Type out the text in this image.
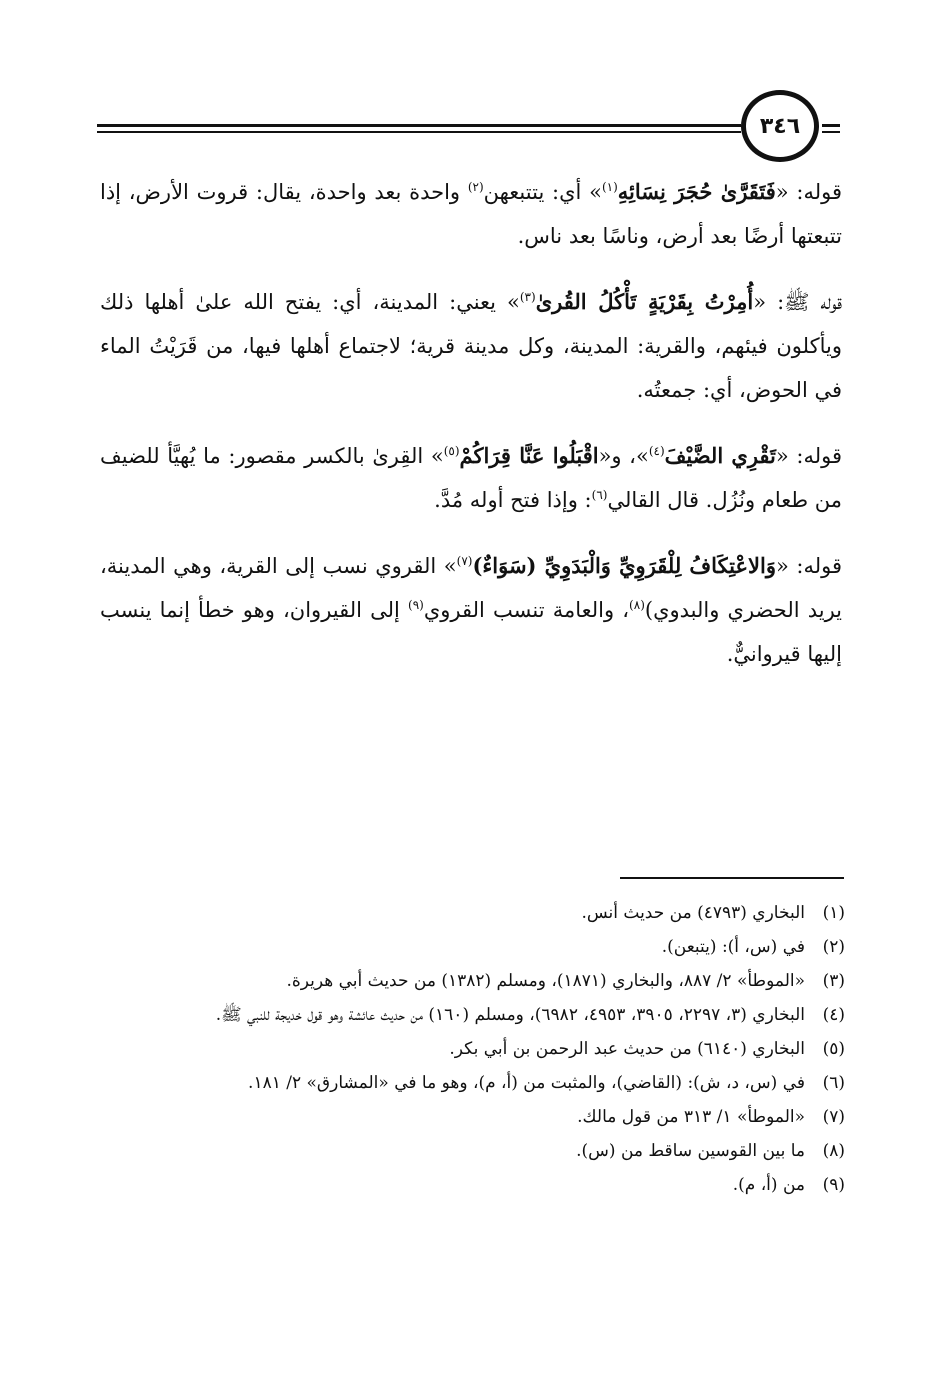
٣٤٦

قوله: «فَتَقَرَّىٰ حُجَرَ نِسَائِهِ$^{(١)}$» أي: يتتبعهن$^{(٢)}$ واحدة بعد واحدة، يقال: قروت الأرض، إذا تتبعتها أرضًا بعد أرض، وناسًا بعد ناس.

قوله ﷺ: «أُمِرْتُ بِقَرْيَةٍ تَأْكُلُ القُرىٰ$^{(٣)}$» يعني: المدينة، أي: يفتح الله علىٰ أهلها ذلك ويأكلون فيئهم، والقرية: المدينة، وكل مدينة قرية؛ لاجتماع أهلها فيها، من قَرَيْتُ الماء في الحوض، أي: جمعتُه.

قوله: «تَقْرِي الضَّيْفَ$^{(٤)}$»، و«اقْبَلُوا عَنَّا قِرَاكُمْ$^{(٥)}$» القِرىٰ بالكسر مقصور: ما يُهيَّأ للضيف من طعام ونُزُل. قال القالي$^{(٦)}$: وإذا فتح أوله مُدَّ.

قوله: «وَالاعْتِكَافُ لِلْقَرَوِيِّ وَالْبَدَوِيِّ (سَوَاءٌ)$^{(٧)}$» القروي نسب إلى القرية، وهي المدينة، يريد الحضري والبدوي)$^{(٨)}$، والعامة تنسب القروي$^{(٩)}$ إلى القيروان، وهو خطأ إنما ينسب إليها قيروانيٌّ.

(١)
البخاري (٤٧٩٣) من حديث أنس.
(٢)
في (س، أ): (يتبعن).
(٣)
«الموطأ» ٢/ ٨٨٧، والبخاري (١٨٧١)، ومسلم (١٣٨٢) من حديث أبي هريرة.
(٤)
البخاري (٣، ٢٢٩٧، ٣٩٠٥، ٤٩٥٣، ٦٩٨٢)، ومسلم (١٦٠) من حديث عائشة وهو قول خديجة للنبي ﷺ.
(٥)
البخاري (٦١٤٠) من حديث عبد الرحمن بن أبي بكر.
(٦)
في (س، د، ش): (القاضي)، والمثبت من (أ، م)، وهو ما في «المشارق» ٢/ ١٨١.
(٧)
«الموطأ» ١/ ٣١٣ من قول مالك.
(٨)
ما بين القوسين ساقط من (س).
(٩)
من (أ، م).
